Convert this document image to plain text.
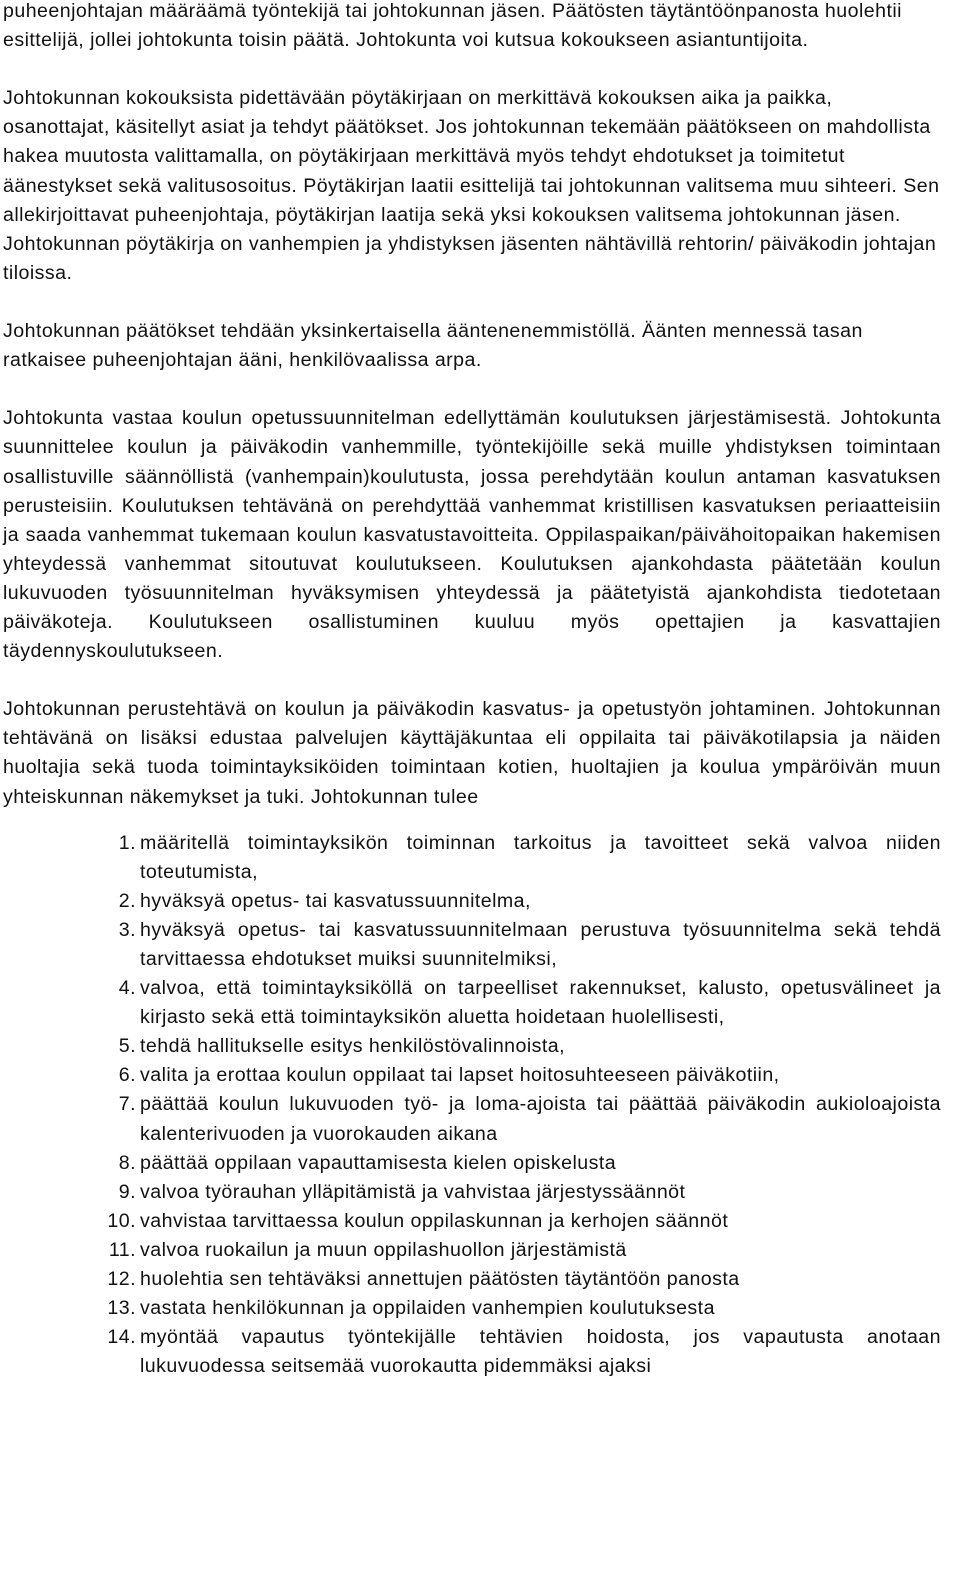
puheenjohtajan määräämä työntekijä tai johtokunnan jäsen. Päätösten täytäntöönpanosta huolehtii esittelijä, jollei johtokunta toisin päätä. Johtokunta voi kutsua kokoukseen asiantuntijoita.

Johtokunnan kokouksista pidettävään pöytäkirjaan on merkittävä kokouksen aika ja paikka, osanottajat, käsitellyt asiat ja tehdyt päätökset. Jos johtokunnan tekemään päätökseen on mahdollista hakea muutosta valittamalla, on pöytäkirjaan merkittävä myös tehdyt ehdotukset ja toimitetut äänestykset sekä valitusosoitus. Pöytäkirjan laatii esittelijä tai johtokunnan valitsema muu sihteeri. Sen allekirjoittavat puheenjohtaja, pöytäkirjan laatija sekä yksi kokouksen valitsema johtokunnan jäsen. Johtokunnan pöytäkirja on vanhempien ja yhdistyksen jäsenten nähtävillä rehtorin/ päiväkodin johtajan tiloissa.

Johtokunnan päätökset tehdään yksinkertaisella ääntenenemmistöllä. Äänten mennessä tasan ratkaisee puheenjohtajan ääni, henkilövaalissa arpa.

Johtokunta vastaa koulun opetussuunnitelman edellyttämän koulutuksen järjestämisestä. Johtokunta suunnittelee koulun ja päiväkodin vanhemmille, työntekijöille sekä muille yhdistyksen toimintaan osallistuville säännöllistä (vanhempain)koulutusta, jossa perehdytään koulun antaman kasvatuksen perusteisiin. Koulutuksen tehtävänä on perehdyttää vanhemmat kristillisen kasvatuksen periaatteisiin ja saada vanhemmat tukemaan koulun kasvatustavoitteita. Oppilaspaikan/päivähoitopaikan hakemisen yhteydessä vanhemmat sitoutuvat koulutukseen. Koulutuksen ajankohdasta päätetään koulun lukuvuoden työsuunnitelman hyväksymisen yhteydessä ja päätetyistä ajankohdista tiedotetaan päiväkoteja. Koulutukseen osallistuminen kuuluu myös opettajien ja kasvattajien täydennyskoulutukseen.

Johtokunnan perustehtävä on koulun ja päiväkodin kasvatus- ja opetustyön johtaminen. Johtokunnan tehtävänä on lisäksi edustaa palvelujen käyttäjäkuntaa eli oppilaita tai päiväkotilapsia ja näiden huoltajia sekä tuoda toimintayksiköiden toimintaan kotien, huoltajien ja koulua ympäröivän muun yhteiskunnan näkemykset ja tuki. Johtokunnan tulee

1. määritellä toimintayksikön toiminnan tarkoitus ja tavoitteet sekä valvoa niiden toteutumista,
2. hyväksyä opetus- tai kasvatussuunnitelma,
3. hyväksyä opetus- tai kasvatussuunnitelmaan perustuva työsuunnitelma sekä tehdä tarvittaessa ehdotukset muiksi suunnitelmiksi,
4. valvoa, että toimintayksiköllä on tarpeelliset rakennukset, kalusto, opetusvälineet ja kirjasto sekä että toimintayksikön aluetta hoidetaan huolellisesti,
5. tehdä hallitukselle esitys henkilöstövalinnoista,
6. valita ja erottaa koulun oppilaat tai lapset hoitosuhteeseen päiväkotiin,
7. päättää koulun lukuvuoden työ- ja loma-ajoista tai päättää päiväkodin aukioloajoista kalenterivuoden ja vuorokauden aikana
8. päättää oppilaan vapauttamisesta kielen opiskelusta
9. valvoa työrauhan ylläpitämistä ja vahvistaa järjestyssäännöt
10. vahvistaa tarvittaessa koulun oppilaskunnan ja kerhojen säännöt
11. valvoa ruokailun ja muun oppilashuollon järjestämistä
12. huolehtia sen tehtäväksi annettujen päätösten täytäntöön panosta
13. vastata henkilökunnan ja oppilaiden vanhempien koulutuksesta
14. myöntää vapautus työntekijälle tehtävien hoidosta, jos vapautusta anotaan lukuvuodessa seitsemää vuorokautta pidemmäksi ajaksi
